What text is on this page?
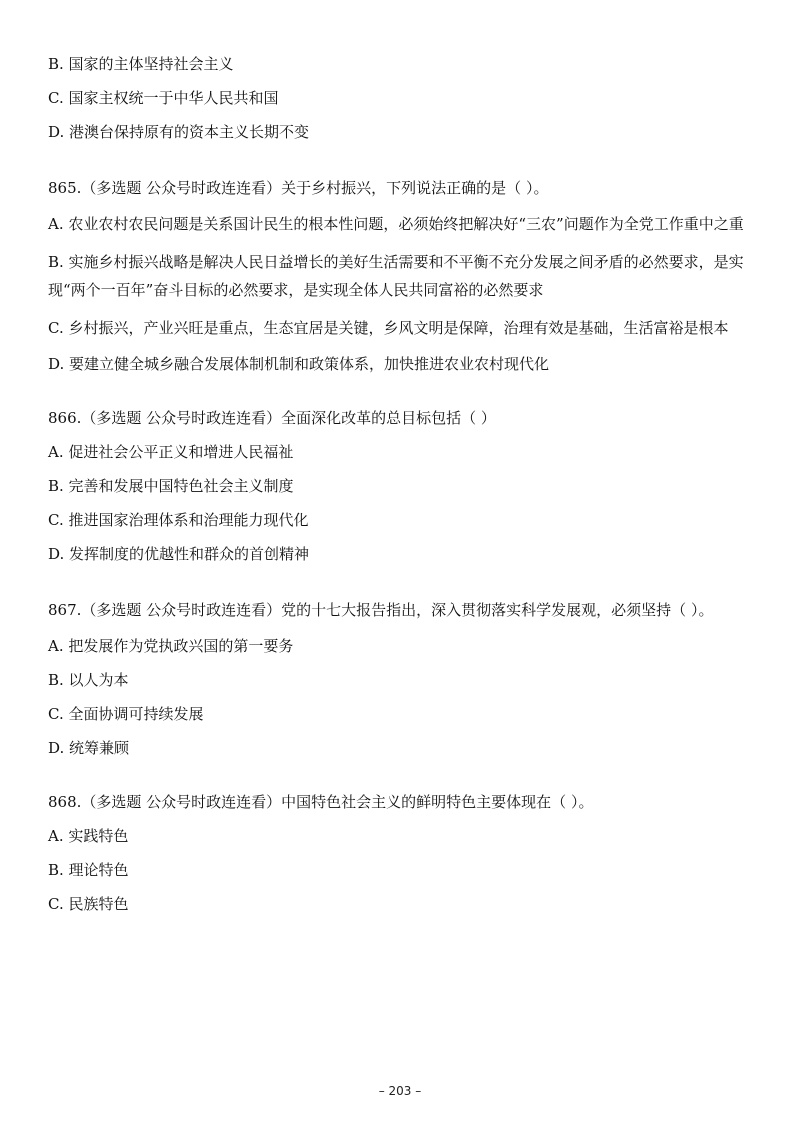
B. 国家的主体坚持社会主义
C. 国家主权统一于中华人民共和国
D. 港澳台保持原有的资本主义长期不变
865.（多选题 公众号时政连连看）关于乡村振兴，下列说法正确的是（ ）。
A. 农业农村农民问题是关系国计民生的根本性问题，必须始终把解决好“三农”问题作为全党工作重中之重
B. 实施乡村振兴战略是解决人民日益增长的美好生活需要和不平衡不充分发展之间矛盾的必然要求，是实现“两个一百年”奋斗目标的必然要求，是实现全体人民共同富裕的必然要求
C. 乡村振兴，产业兴旺是重点，生态宜居是关键，乡风文明是保障，治理有效是基础，生活富裕是根本
D. 要建立健全城乡融合发展体制机制和政策体系，加快推进农业农村现代化
866.（多选题 公众号时政连连看）全面深化改革的总目标包括（ ）
A. 促进社会公平正义和增进人民福祉
B. 完善和发展中国特色社会主义制度
C. 推进国家治理体系和治理能力现代化
D. 发挥制度的优越性和群众的首创精神
867.（多选题 公众号时政连连看）党的十七大报告指出，深入贯彻落实科学发展观，必须坚持（ ）。
A. 把发展作为党执政兴国的第一要务
B. 以人为本
C. 全面协调可持续发展
D. 统筹兼顾
868.（多选题 公众号时政连连看）中国特色社会主义的鲜明特色主要体现在（ ）。
A. 实践特色
B. 理论特色
C. 民族特色
– 203 –
